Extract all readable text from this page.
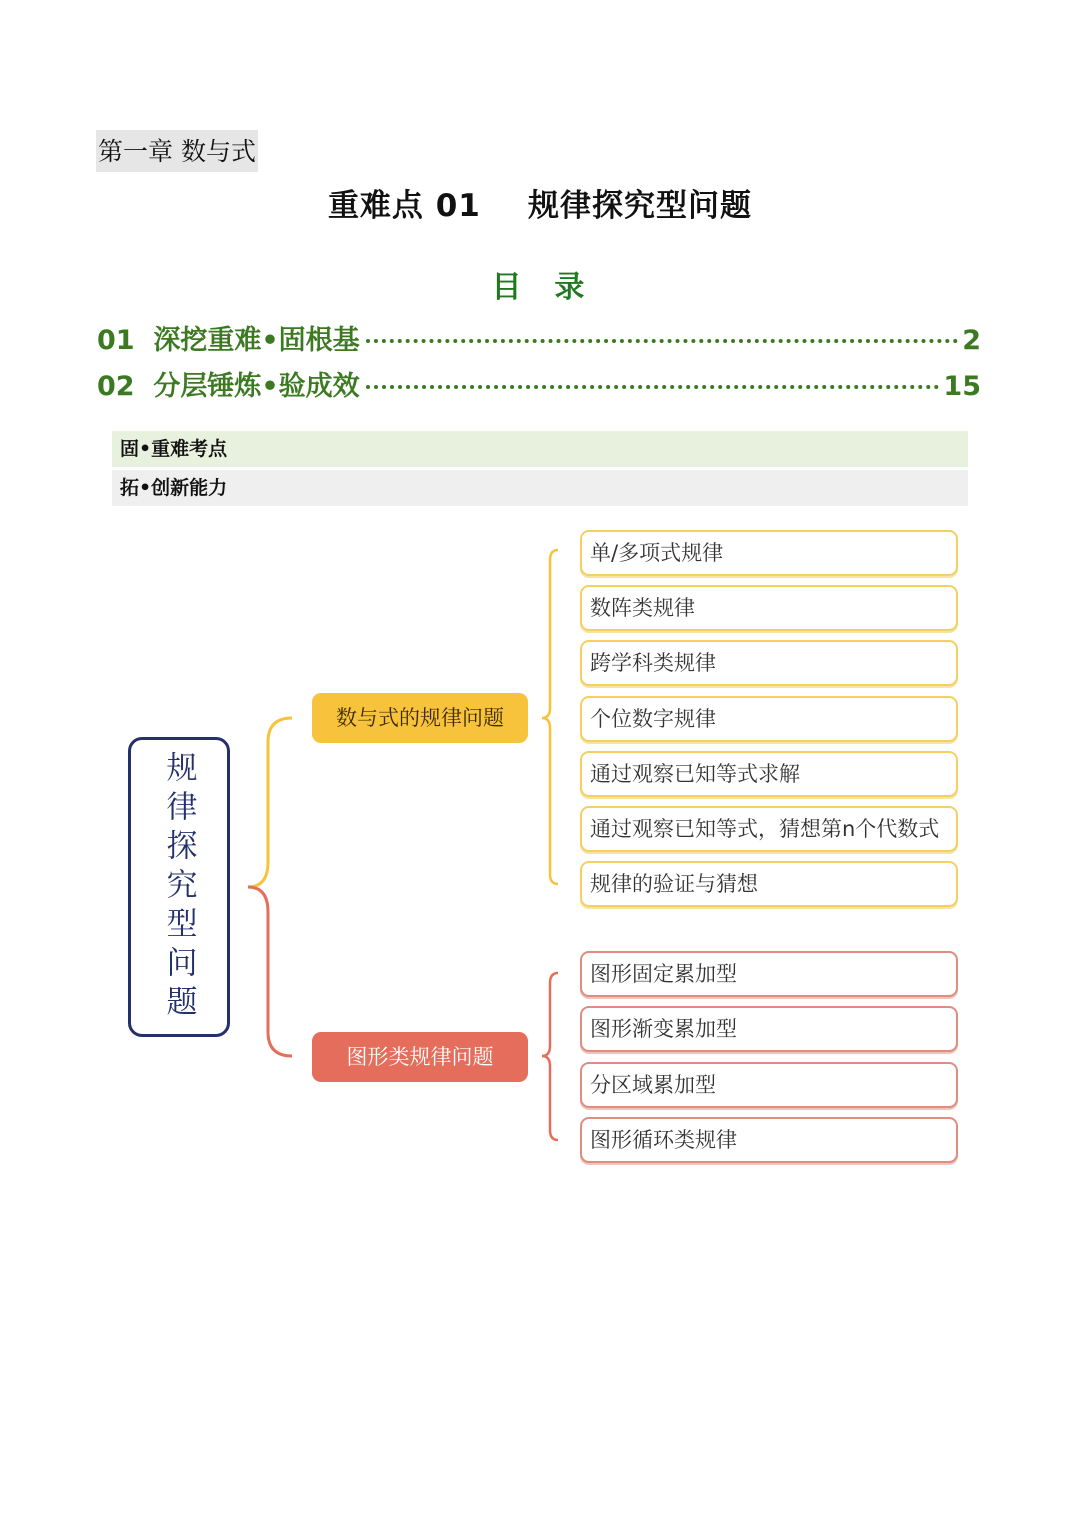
第一章 数与式
重难点 01    规律探究型问题
目  录
01  深挖重难•固根基	2
02  分层锤炼•验成效	15
固•重难考点
拓•创新能力
规律探究型问题
数与式的规律问题
图形类规律问题
单/多项式规律
数阵类规律
跨学科类规律
个位数字规律
通过观察已知等式求解
通过观察已知等式，猜想第n个代数式
规律的验证与猜想
图形固定累加型
图形渐变累加型
分区域累加型
图形循环类规律
